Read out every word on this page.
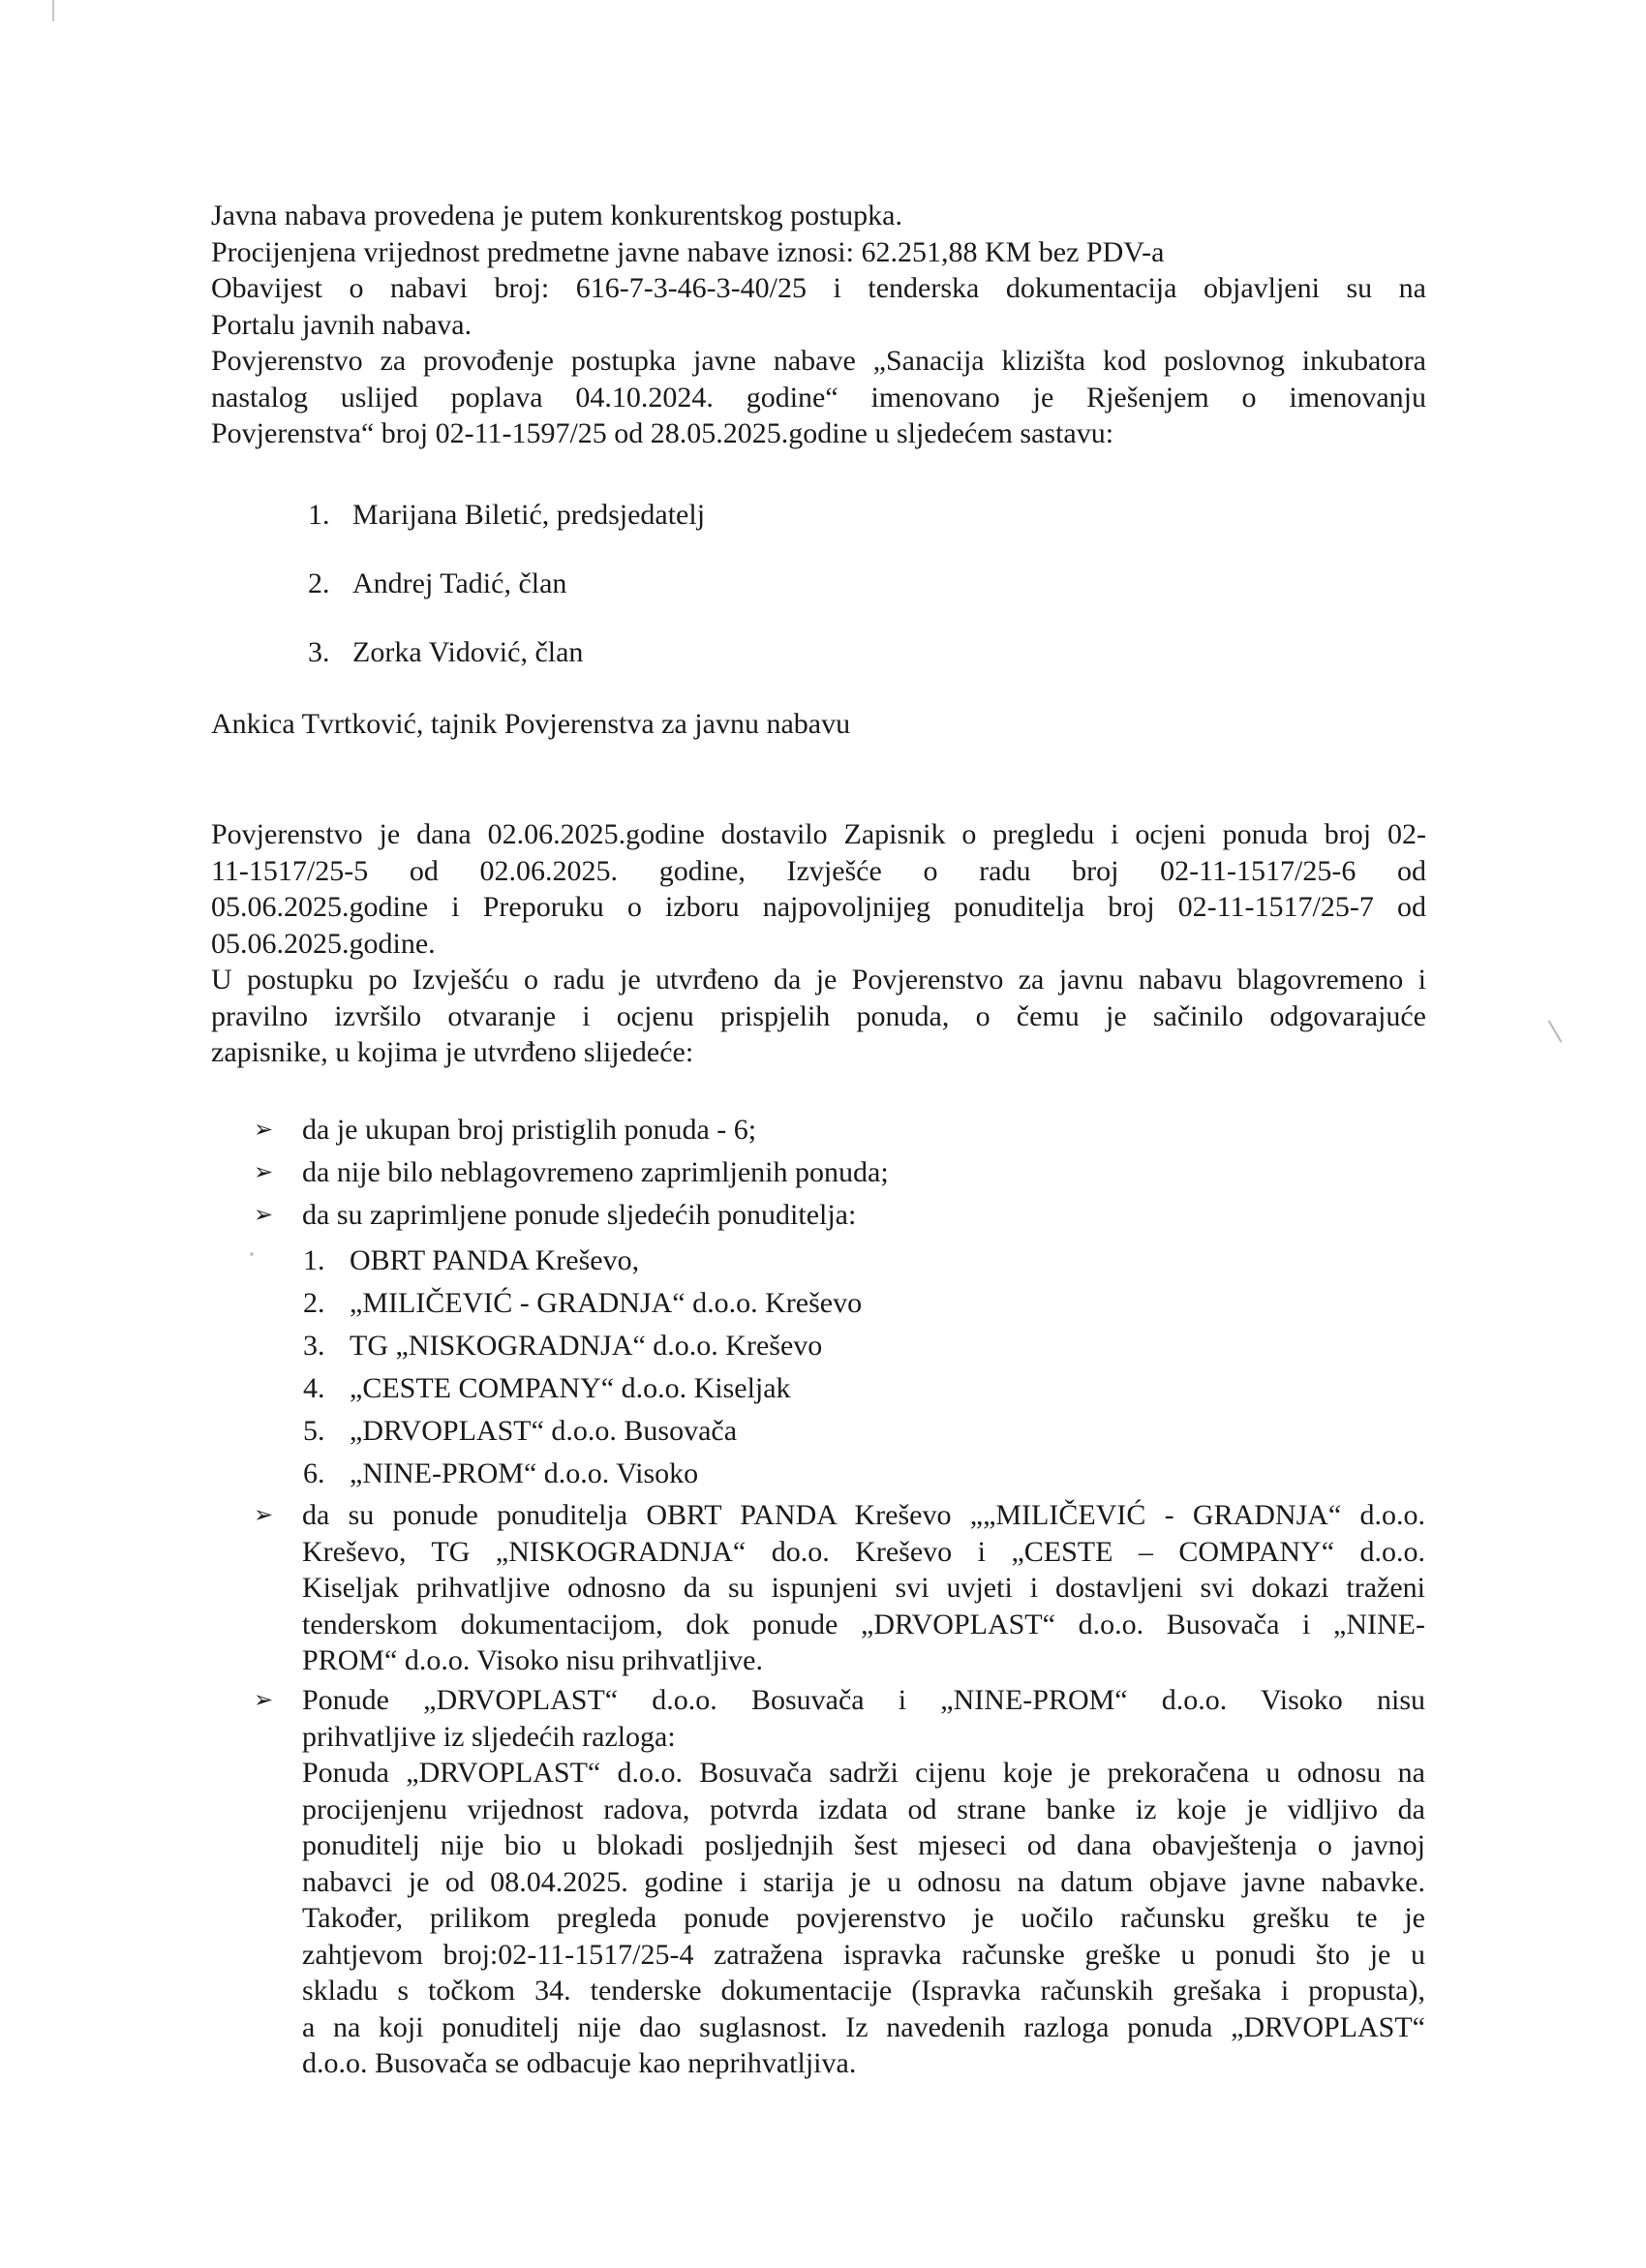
Javna nabava provedena je putem konkurentskog postupka.

Procijenjena vrijednost predmetne javne nabave iznosi: 62.251,88 KM bez PDV-a

Obavijest o nabavi broj: 616-7-3-46-3-40/25 i tenderska dokumentacija objavljeni su na

Portalu javnih nabava.

Povjerenstvo za provođenje postupka javne nabave „Sanacija klizišta kod poslovnog inkubatora

nastalog uslijed poplava 04.10.2024. godine“ imenovano je Rješenjem o imenovanju

Povjerenstva“ broj 02-11-1597/25 od 28.05.2025.godine u sljedećem sastavu:

1. Marijana Biletić, predsjedatelj
2. Andrej Tadić, član
3. Zorka Vidović, član
Ankica Tvrtković, tajnik Povjerenstva za javnu nabavu

Povjerenstvo je dana 02.06.2025.godine dostavilo Zapisnik o pregledu i ocjeni ponuda broj 02-

11-1517/25-5 od 02.06.2025. godine, Izvješće o radu broj 02-11-1517/25-6 od

05.06.2025.godine i Preporuku o izboru najpovoljnijeg ponuditelja broj 02-11-1517/25-7 od

05.06.2025.godine.

U postupku po Izvješću o radu je utvrđeno da je Povjerenstvo za javnu nabavu blagovremeno i

pravilno izvršilo otvaranje i ocjenu prispjelih ponuda, o čemu je sačinilo odgovarajuće

zapisnike, u kojima je utvrđeno slijedeće:

➢ da je ukupan broj pristiglih ponuda - 6;
➢ da nije bilo neblagovremeno zaprimljenih ponuda;
➢ da su zaprimljene ponude sljedećih ponuditelja:
1. OBRT PANDA Kreševo,
2. „MILIČEVIĆ - GRADNJA“ d.o.o. Kreševo
3. TG „NISKOGRADNJA“ d.o.o. Kreševo
4. „CESTE COMPANY“ d.o.o. Kiseljak
5. „DRVOPLAST“ d.o.o. Busovača
6. „NINE-PROM“ d.o.o. Visoko
➢ da su ponude ponuditelja OBRT PANDA Kreševo „„MILIČEVIĆ - GRADNJA“ d.o.o.

Kreševo, TG „NISKOGRADNJA“ do.o. Kreševo i „CESTE – COMPANY“ d.o.o.

Kiseljak prihvatljive odnosno da su ispunjeni svi uvjeti i dostavljeni svi dokazi traženi

tenderskom dokumentacijom, dok ponude „DRVOPLAST“ d.o.o. Busovača i „NINE-

PROM“ d.o.o. Visoko nisu prihvatljive.

➢ Ponude „DRVOPLAST“ d.o.o. Bosuvača i „NINE-PROM“ d.o.o. Visoko nisu

prihvatljive iz sljedećih razloga:

Ponuda „DRVOPLAST“ d.o.o. Bosuvača sadrži cijenu koje je prekoračena u odnosu na

procijenjenu vrijednost radova, potvrda izdata od strane banke iz koje je vidljivo da

ponuditelj nije bio u blokadi posljednjih šest mjeseci od dana obavještenja o javnoj

nabavci je od 08.04.2025. godine i starija je u odnosu na datum objave javne nabavke.

Također, prilikom pregleda ponude povjerenstvo je uočilo računsku grešku te je

zahtjevom broj:02-11-1517/25-4 zatražena ispravka računske greške u ponudi što je u

skladu s točkom 34. tenderske dokumentacije (Ispravka računskih grešaka i propusta),

a na koji ponuditelj nije dao suglasnost. Iz navedenih razloga ponuda „DRVOPLAST“

d.o.o. Busovača se odbacuje kao neprihvatljiva.
